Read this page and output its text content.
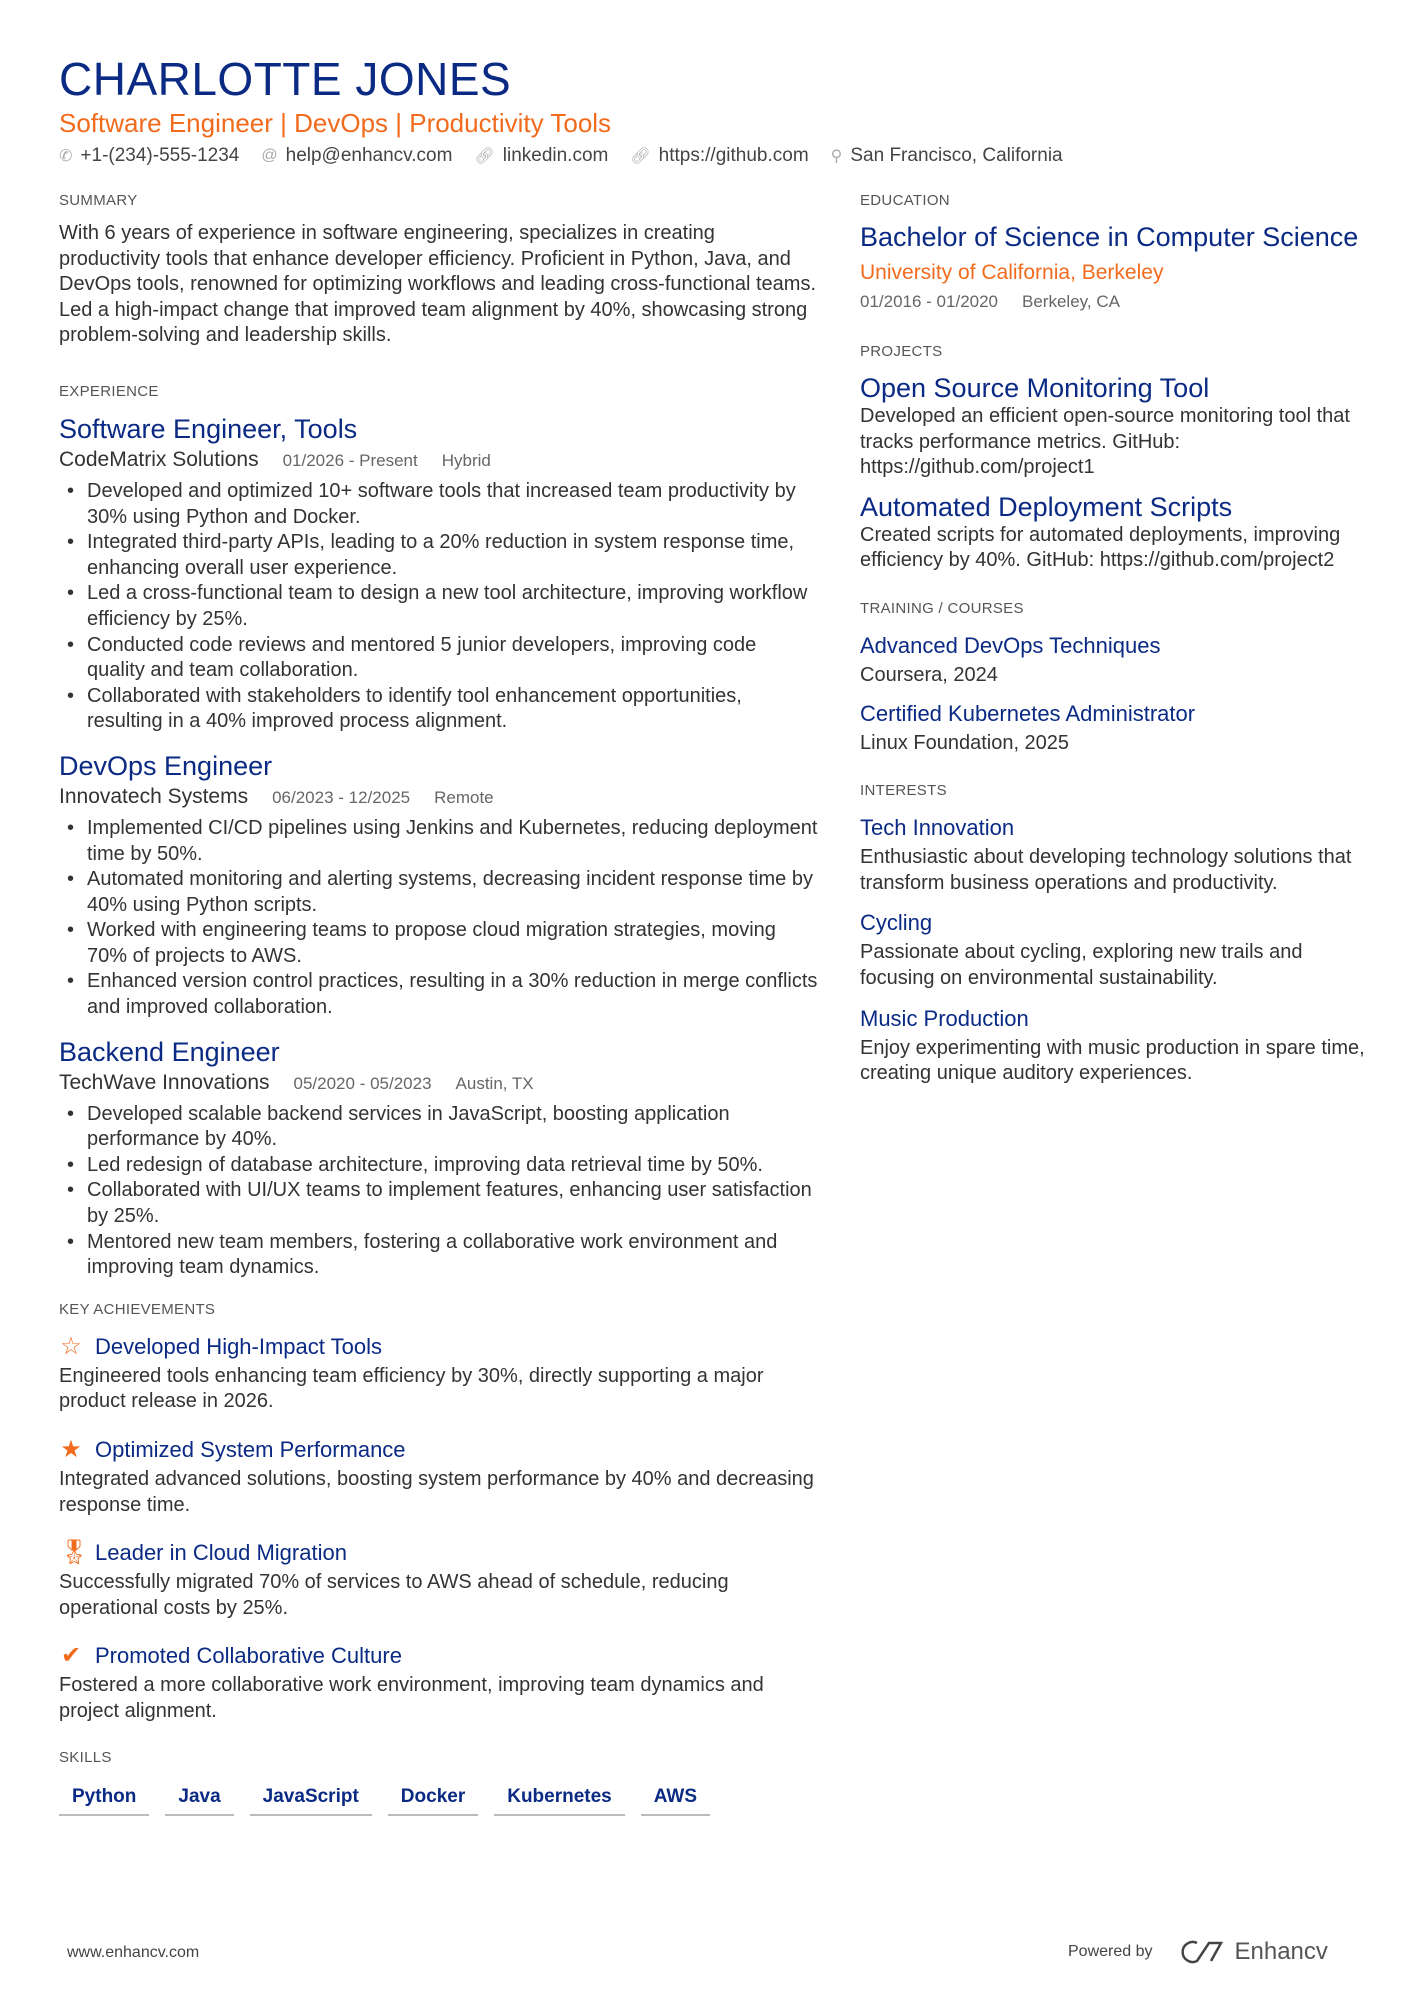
CHARLOTTE JONES
Software Engineer | DevOps | Productivity Tools
✆ +1-(234)-555-1234 @ help@enhancv.com 🔗︎ linkedin.com 🔗︎ https://github.com ⚲ San Francisco, California
SUMMARY
With 6 years of experience in software engineering, specializes in creating productivity tools that enhance developer efficiency. Proficient in Python, Java, and DevOps tools, renowned for optimizing workflows and leading cross-functional teams. Led a high-impact change that improved team alignment by 40%, showcasing strong problem-solving and leadership skills.
EXPERIENCE
Software Engineer, Tools
CodeMatrix Solutions 01/2026 - Present Hybrid
• Developed and optimized 10+ software tools that increased team productivity by 30% using Python and Docker.
• Integrated third-party APIs, leading to a 20% reduction in system response time, enhancing overall user experience.
• Led a cross-functional team to design a new tool architecture, improving workflow efficiency by 25%.
• Conducted code reviews and mentored 5 junior developers, improving code quality and team collaboration.
• Collaborated with stakeholders to identify tool enhancement opportunities, resulting in a 40% improved process alignment.
DevOps Engineer
Innovatech Systems 06/2023 - 12/2025 Remote
• Implemented CI/CD pipelines using Jenkins and Kubernetes, reducing deployment time by 50%.
• Automated monitoring and alerting systems, decreasing incident response time by 40% using Python scripts.
• Worked with engineering teams to propose cloud migration strategies, moving 70% of projects to AWS.
• Enhanced version control practices, resulting in a 30% reduction in merge conflicts and improved collaboration.
Backend Engineer
TechWave Innovations 05/2020 - 05/2023 Austin, TX
• Developed scalable backend services in JavaScript, boosting application performance by 40%.
• Led redesign of database architecture, improving data retrieval time by 50%.
• Collaborated with UI/UX teams to implement features, enhancing user satisfaction by 25%.
• Mentored new team members, fostering a collaborative work environment and improving team dynamics.
KEY ACHIEVEMENTS
☆ Developed High-Impact Tools
Engineered tools enhancing team efficiency by 30%, directly supporting a major product release in 2026.
★ Optimized System Performance
Integrated advanced solutions, boosting system performance by 40% and decreasing response time.
🎖︎ Leader in Cloud Migration
Successfully migrated 70% of services to AWS ahead of schedule, reducing operational costs by 25%.
✔ Promoted Collaborative Culture
Fostered a more collaborative work environment, improving team dynamics and project alignment.
SKILLS
Python	Java	JavaScript	Docker	Kubernetes	AWS
EDUCATION
Bachelor of Science in Computer Science
University of California, Berkeley
01/2016 - 01/2020 Berkeley, CA
PROJECTS
Open Source Monitoring Tool
Developed an efficient open-source monitoring tool that tracks performance metrics. GitHub: https://github.com/project1
Automated Deployment Scripts
Created scripts for automated deployments, improving efficiency by 40%. GitHub: https://github.com/project2
TRAINING / COURSES
Advanced DevOps Techniques
Coursera, 2024
Certified Kubernetes Administrator
Linux Foundation, 2025
INTERESTS
Tech Innovation
Enthusiastic about developing technology solutions that transform business operations and productivity.
Cycling
Passionate about cycling, exploring new trails and focusing on environmental sustainability.
Music Production
Enjoy experimenting with music production in spare time, creating unique auditory experiences.
www.enhancv.com	Powered by	Enhancv
